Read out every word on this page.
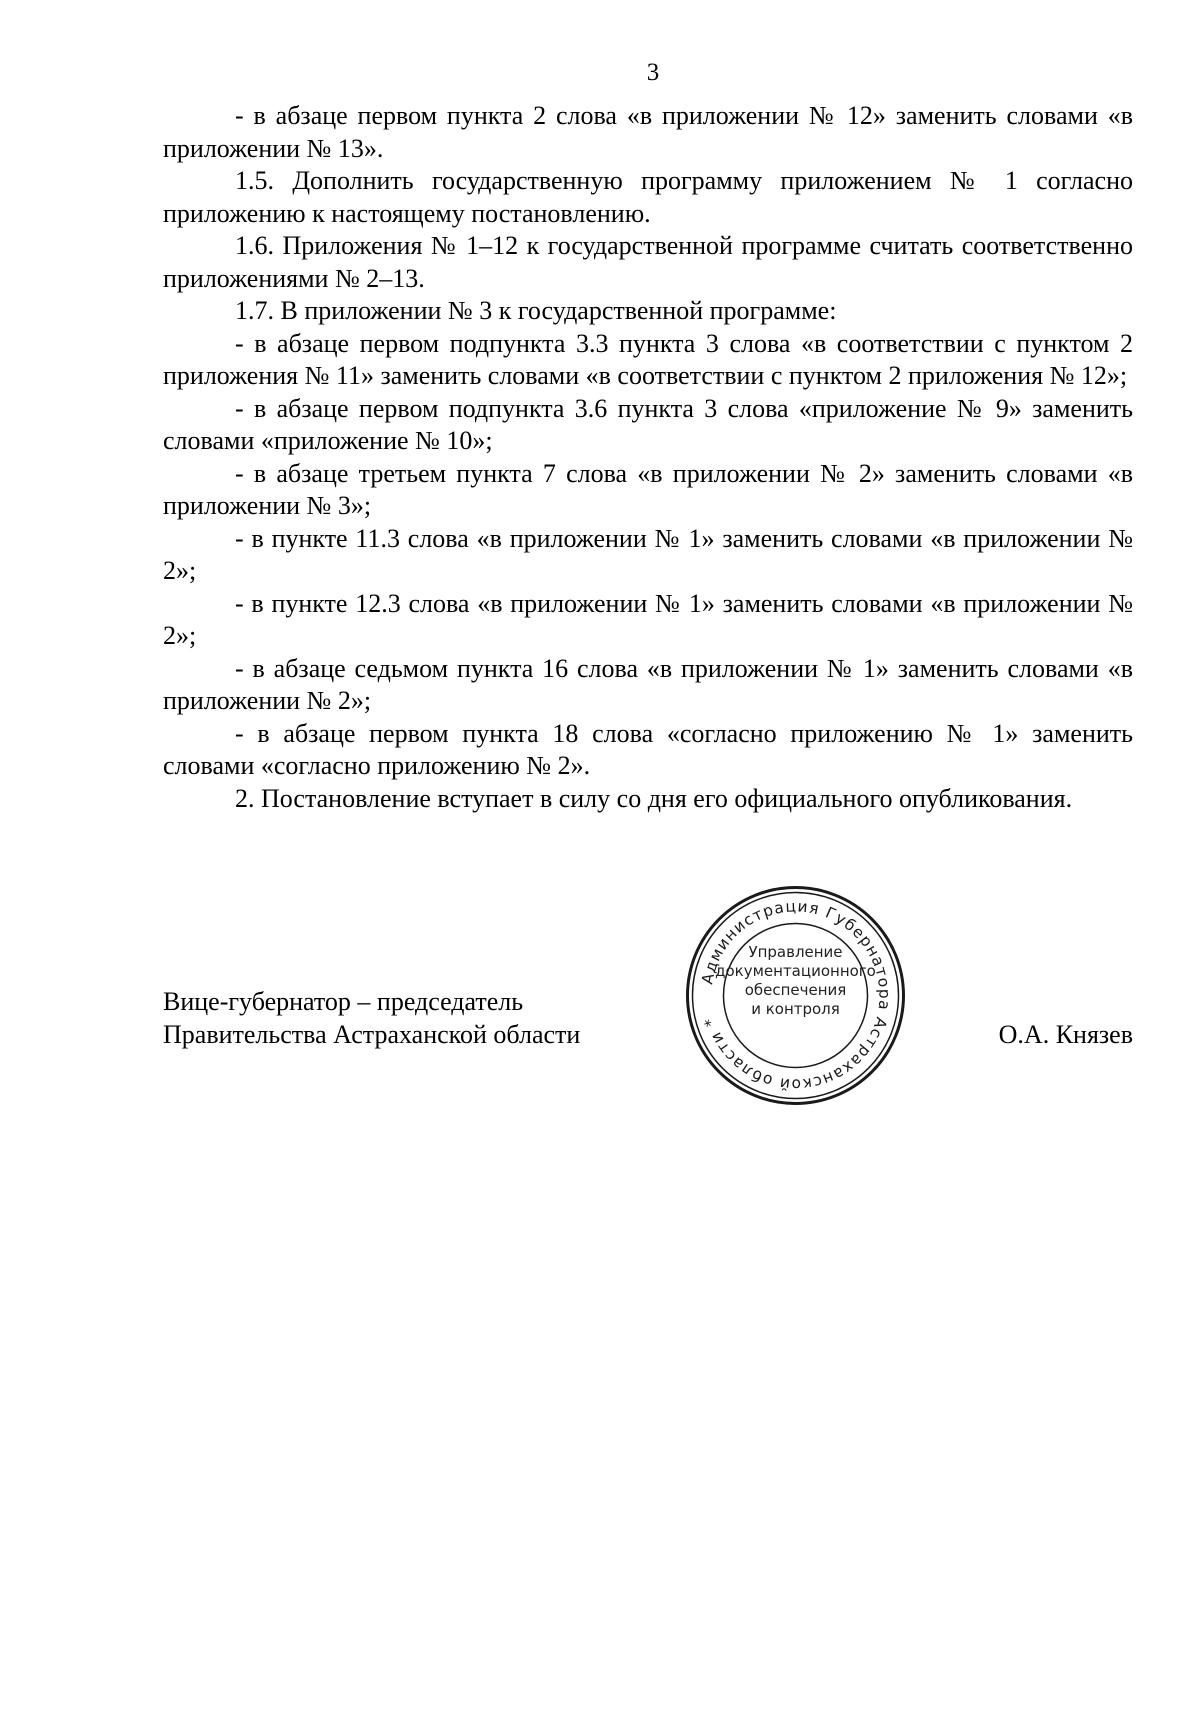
3

- в абзаце первом пункта 2 слова «в приложении № 12» заменить словами «в приложении № 13».

1.5. Дополнить государственную программу приложением № 1 согласно приложению к настоящему постановлению.

1.6. Приложения № 1–12 к государственной программе считать соответственно приложениями № 2–13.

1.7. В приложении № 3 к государственной программе:

- в абзаце первом подпункта 3.3 пункта 3 слова «в соответствии с пунктом 2 приложения № 11» заменить словами «в соответствии с пунктом 2 приложения № 12»;

- в абзаце первом подпункта 3.6 пункта 3 слова «приложение № 9» заменить словами «приложение № 10»;

- в абзаце третьем пункта 7 слова «в приложении № 2» заменить словами «в приложении № 3»;

- в пункте 11.3 слова «в приложении № 1» заменить словами «в приложении № 2»;

- в пункте 12.3 слова «в приложении № 1» заменить словами «в приложении № 2»;

- в абзаце седьмом пункта 16 слова «в приложении № 1» заменить словами «в приложении № 2»;

- в абзаце первом пункта 18 слова «согласно приложению № 1» заменить словами «согласно приложению № 2».

2. Постановление вступает в силу со дня его официального опубликования.

Администрация Губернатора Астраханской области *
Управление
документационного
обеспечения
и контроля
Вице-губернатор – председатель
Правительства Астраханской области	О.А. Князев
